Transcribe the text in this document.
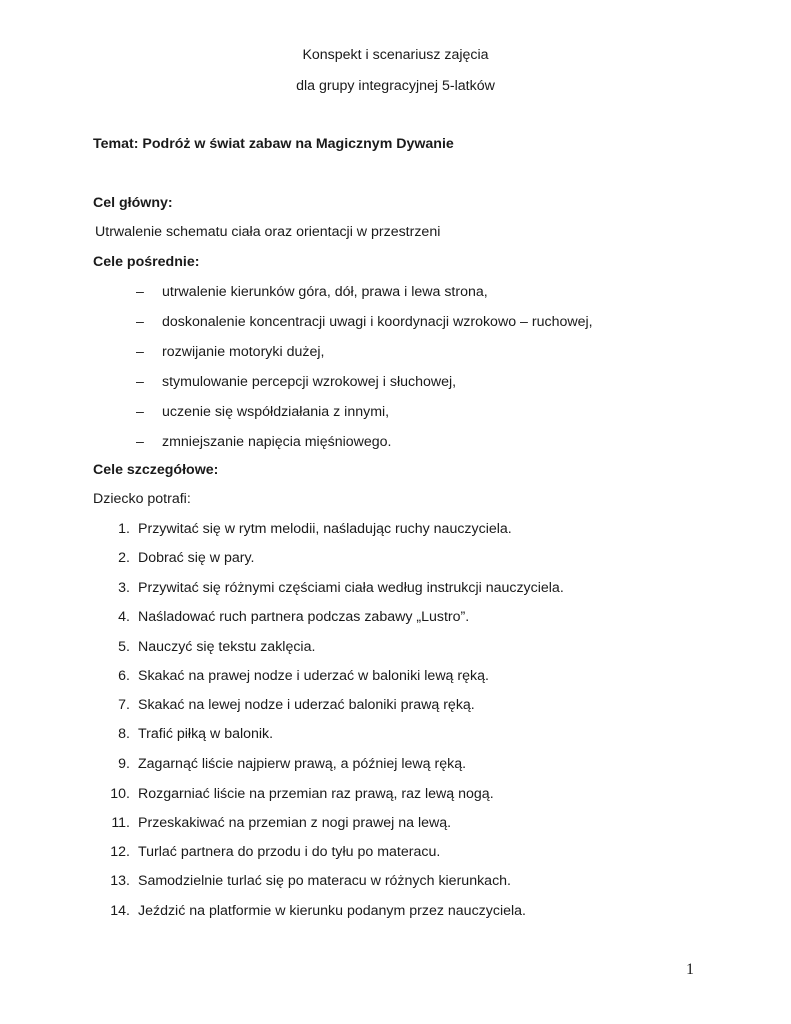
Konspekt i scenariusz zajęcia
dla grupy integracyjnej 5-latków
Temat: Podróż w świat zabaw na Magicznym Dywanie
Cel główny:
Utrwalenie schematu ciała oraz orientacji w przestrzeni
Cele pośrednie:
–	utrwalenie kierunków góra, dół, prawa i lewa strona,
–	doskonalenie koncentracji uwagi i koordynacji wzrokowo – ruchowej,
–	rozwijanie motoryki dużej,
–	stymulowanie percepcji wzrokowej i słuchowej,
–	uczenie się współdziałania z innymi,
–	zmniejszanie napięcia mięśniowego.
Cele szczegółowe:
Dziecko potrafi:
1. Przywitać się w rytm melodii, naśladując ruchy nauczyciela.
2. Dobrać się w pary.
3. Przywitać się różnymi częściami ciała według instrukcji nauczyciela.
4. Naśladować ruch partnera podczas zabawy „Lustro”.
5. Nauczyć się tekstu zaklęcia.
6. Skakać na prawej nodze i uderzać w baloniki lewą ręką.
7. Skakać na lewej nodze i uderzać baloniki prawą ręką.
8. Trafić piłką w balonik.
9. Zagarnąć liście najpierw prawą, a później lewą ręką.
10. Rozgarniać liście na przemian raz prawą, raz lewą nogą.
11. Przeskakiwać na przemian z nogi prawej na lewą.
12. Turlać partnera do przodu i do tyłu po materacu.
13. Samodzielnie turlać się po materacu w różnych kierunkach.
14. Jeździć na platformie w kierunku podanym przez nauczyciela.
1
